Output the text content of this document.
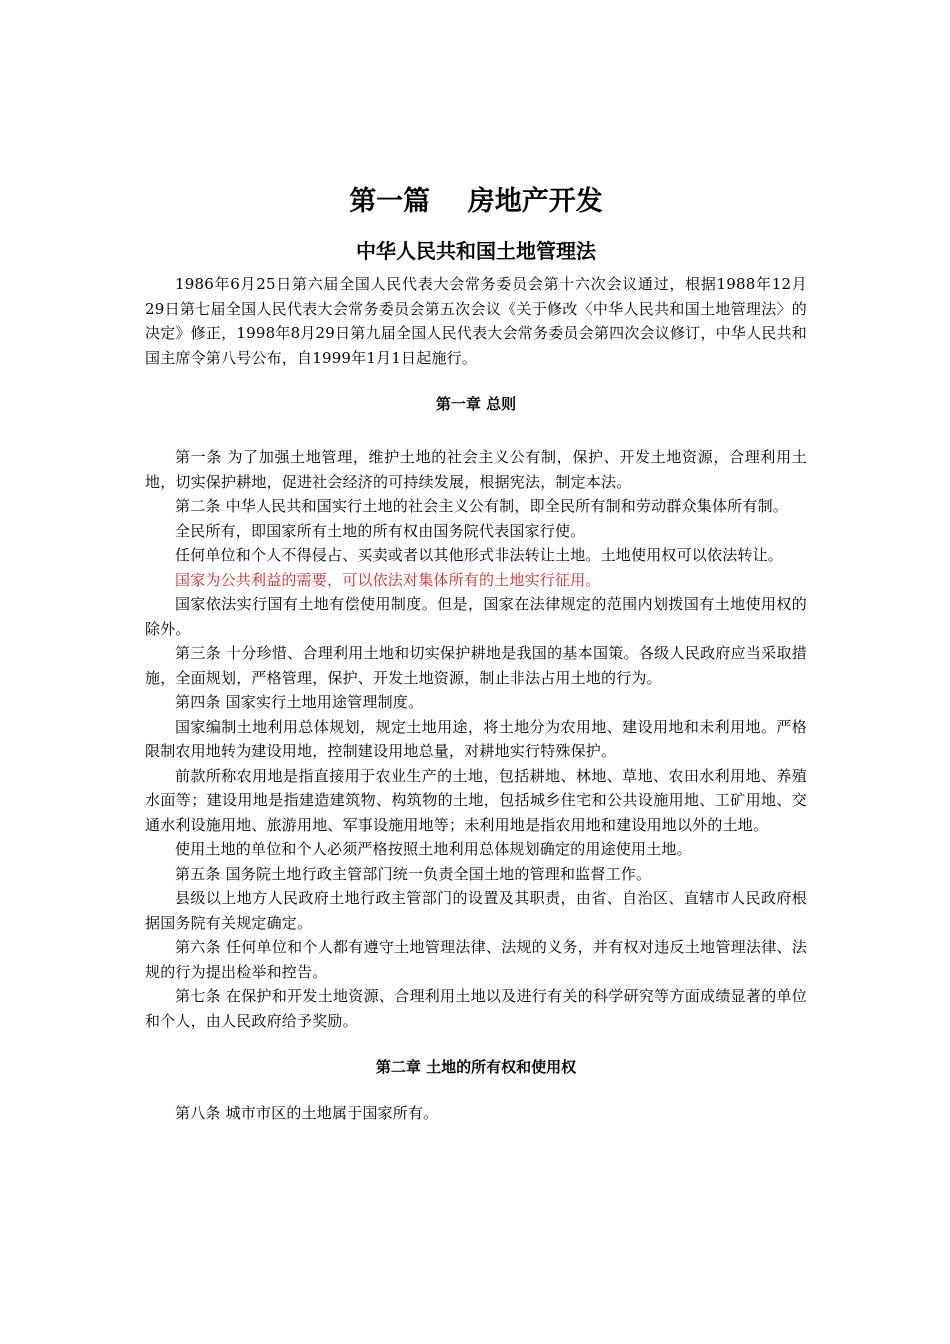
第一篇    房地产开发
中华人民共和国土地管理法

1986年6月25日第六届全国人民代表大会常务委员会第十六次会议通过，根据1988年12月29日第七届全国人民代表大会常务委员会第五次会议《关于修改〈中华人民共和国土地管理法〉的决定》修正，1998年8月29日第九届全国人民代表大会常务委员会第四次会议修订，中华人民共和国主席令第八号公布，自1999年1月1日起施行。

第一章 总则

第一条 为了加强土地管理，维护土地的社会主义公有制，保护、开发土地资源，合理利用土地，切实保护耕地，促进社会经济的可持续发展，根据宪法，制定本法。

第二条 中华人民共和国实行土地的社会主义公有制，即全民所有制和劳动群众集体所有制。

全民所有，即国家所有土地的所有权由国务院代表国家行使。

任何单位和个人不得侵占、买卖或者以其他形式非法转让土地。土地使用权可以依法转让。

国家为公共利益的需要，可以依法对集体所有的土地实行征用。

国家依法实行国有土地有偿使用制度。但是，国家在法律规定的范围内划拨国有土地使用权的除外。

第三条 十分珍惜、合理利用土地和切实保护耕地是我国的基本国策。各级人民政府应当采取措施，全面规划，严格管理，保护、开发土地资源，制止非法占用土地的行为。

第四条 国家实行土地用途管理制度。

国家编制土地利用总体规划，规定土地用途，将土地分为农用地、建设用地和未利用地。严格限制农用地转为建设用地，控制建设用地总量，对耕地实行特殊保护。

前款所称农用地是指直接用于农业生产的土地，包括耕地、林地、草地、农田水利用地、养殖水面等；建设用地是指建造建筑物、构筑物的土地，包括城乡住宅和公共设施用地、工矿用地、交通水利设施用地、旅游用地、军事设施用地等；未利用地是指农用地和建设用地以外的土地。

使用土地的单位和个人必须严格按照土地利用总体规划确定的用途使用土地。

第五条 国务院土地行政主管部门统一负责全国土地的管理和监督工作。

县级以上地方人民政府土地行政主管部门的设置及其职责，由省、自治区、直辖市人民政府根据国务院有关规定确定。

第六条 任何单位和个人都有遵守土地管理法律、法规的义务，并有权对违反土地管理法律、法规的行为提出检举和控告。

第七条 在保护和开发土地资源、合理利用土地以及进行有关的科学研究等方面成绩显著的单位和个人，由人民政府给予奖励。

第二章 土地的所有权和使用权

第八条 城市市区的土地属于国家所有。
